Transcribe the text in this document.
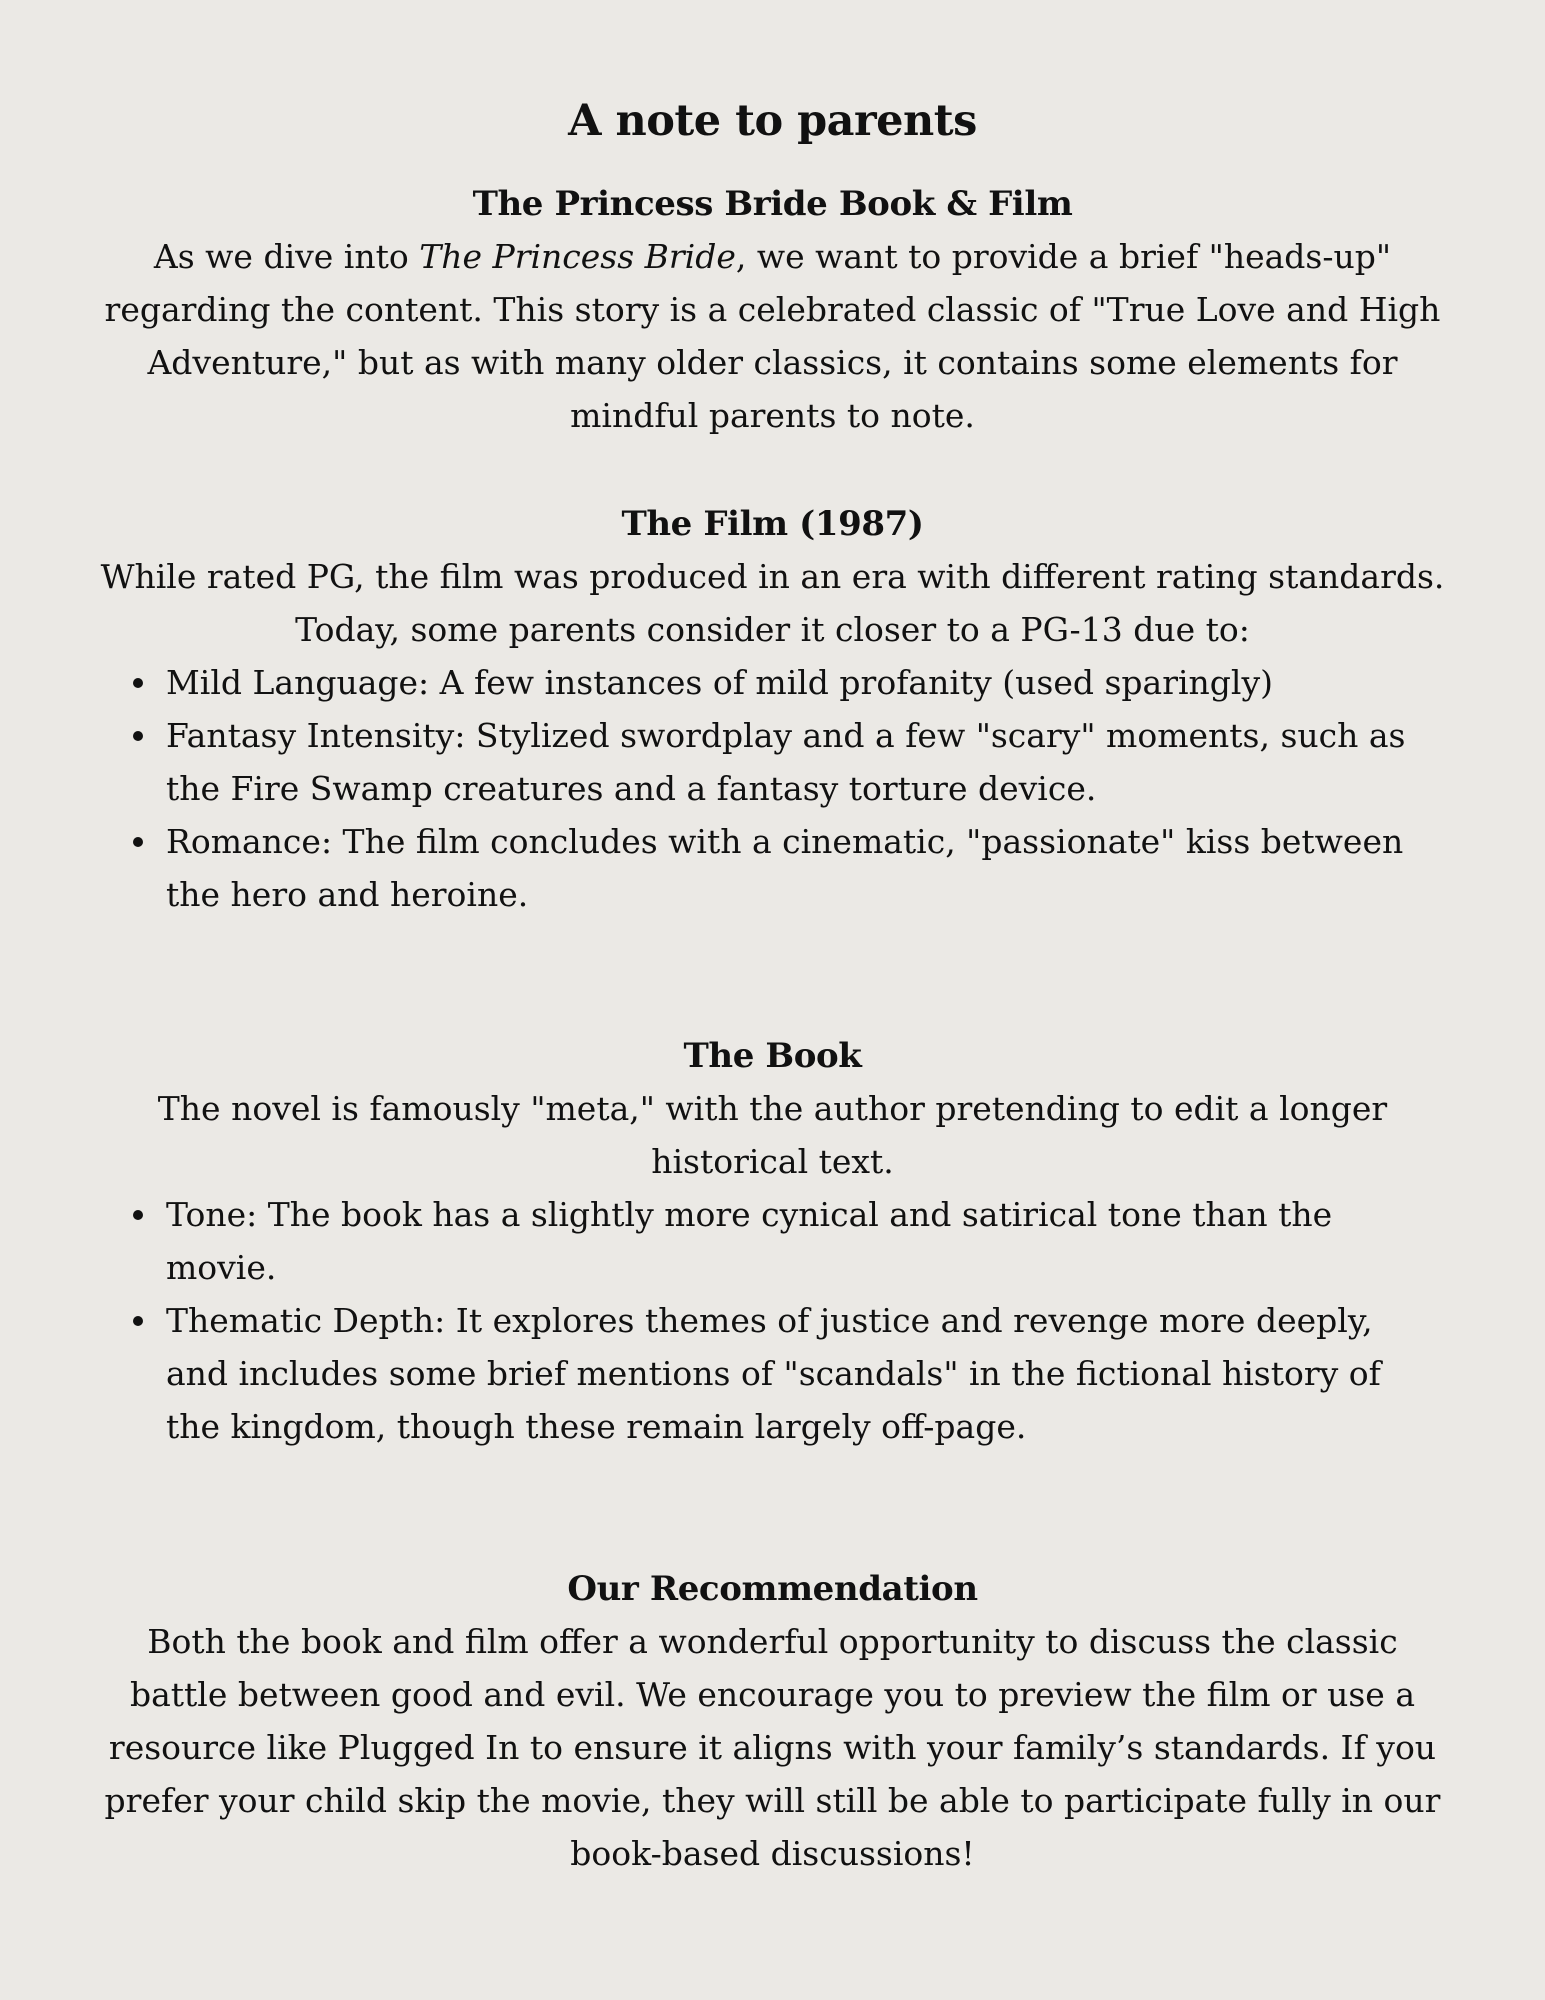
A note to parents
The Princess Bride Book & Film

As we dive into The Princess Bride, we want to provide a brief "heads-up" regarding the content. This story is a celebrated classic of "True Love and High Adventure," but as with many older classics, it contains some elements for mindful parents to note.

The Film (1987)

While rated PG, the film was produced in an era with different rating standards. Today, some parents consider it closer to a PG-13 due to:

Mild Language: A few instances of mild profanity (used sparingly)
Fantasy Intensity: Stylized swordplay and a few "scary" moments, such as the Fire Swamp creatures and a fantasy torture device.
Romance: The film concludes with a cinematic, "passionate" kiss between the hero and heroine.
The Book

The novel is famously "meta," with the author pretending to edit a longer historical text.

Tone: The book has a slightly more cynical and satirical tone than the movie.
Thematic Depth: It explores themes of justice and revenge more deeply, and includes some brief mentions of "scandals" in the fictional history of the kingdom, though these remain largely off-page.
Our Recommendation

Both the book and film offer a wonderful opportunity to discuss the classic battle between good and evil. We encourage you to preview the film or use a resource like Plugged In to ensure it aligns with your family’s standards. If you prefer your child skip the movie, they will still be able to participate fully in our book-based discussions!
